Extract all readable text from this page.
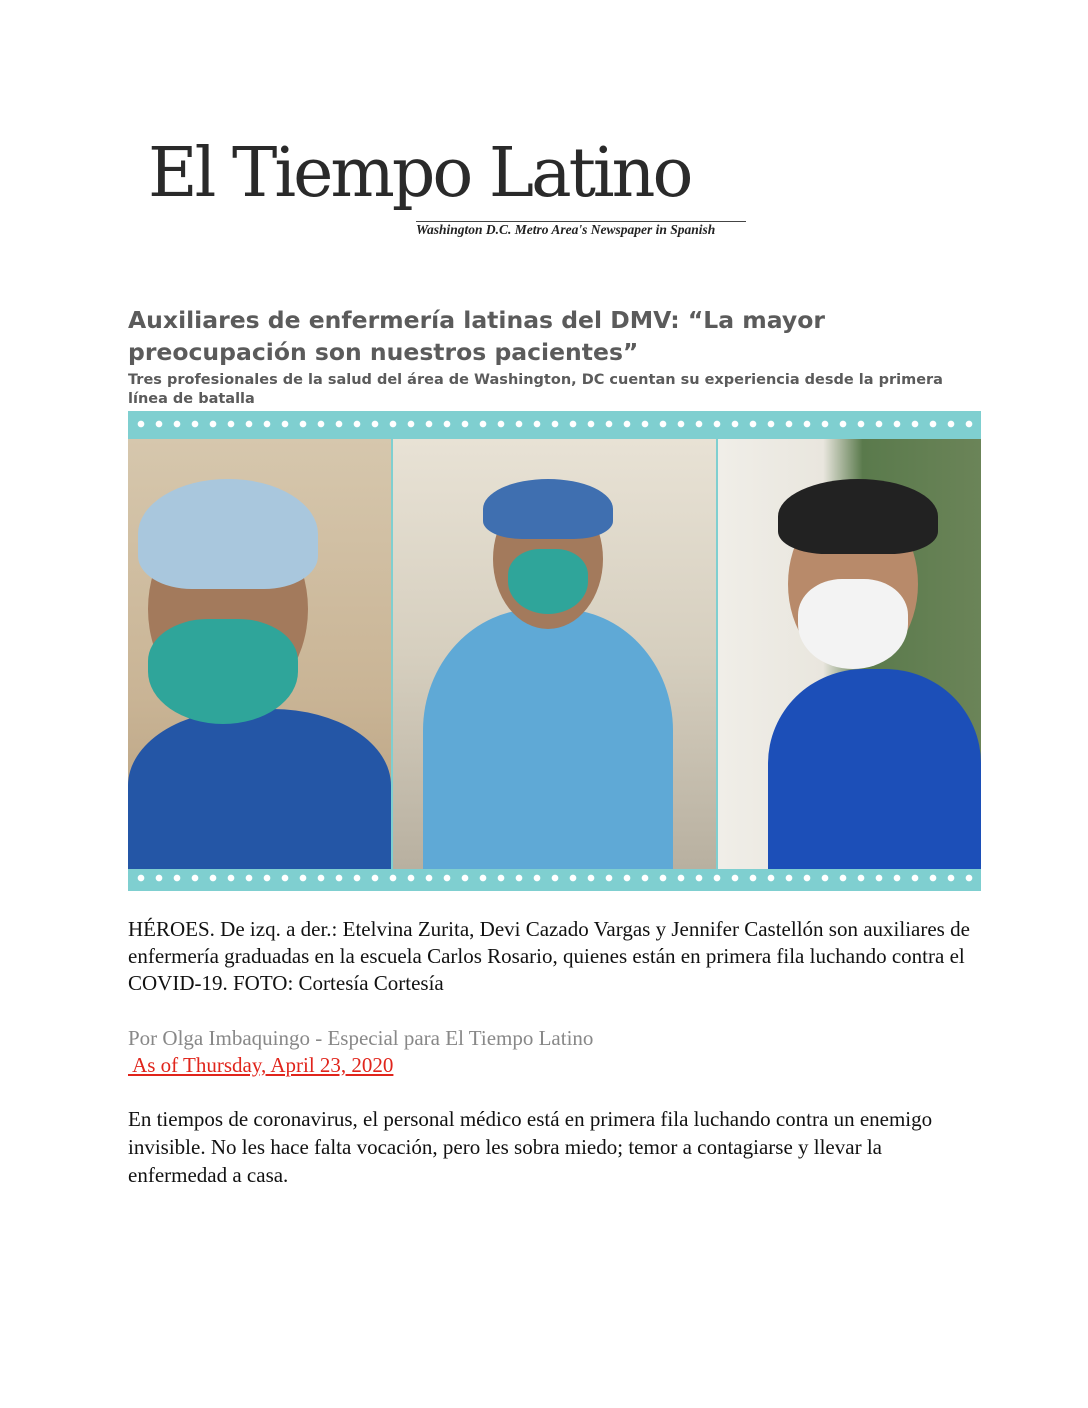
El Tiempo Latino
Washington D.C. Metro Area's Newspaper in Spanish
Auxiliares de enfermería latinas del DMV: “La mayor preocupación son nuestros pacientes”

Tres profesionales de la salud del área de Washington, DC cuentan su experiencia desde la primera línea de batalla

HÉROES. De izq. a der.: Etelvina Zurita, Devi Cazado Vargas y Jennifer Castellón son auxiliares de enfermería graduadas en la escuela Carlos Rosario, quienes están en primera fila luchando contra el COVID-19. FOTO: Cortesía Cortesía

Por Olga Imbaquingo - Especial para El Tiempo Latino

As of Thursday, April 23, 2020

En tiempos de coronavirus, el personal médico está en primera fila luchando contra un enemigo invisible. No les hace falta vocación, pero les sobra miedo; temor a contagiarse y llevar la enfermedad a casa.
